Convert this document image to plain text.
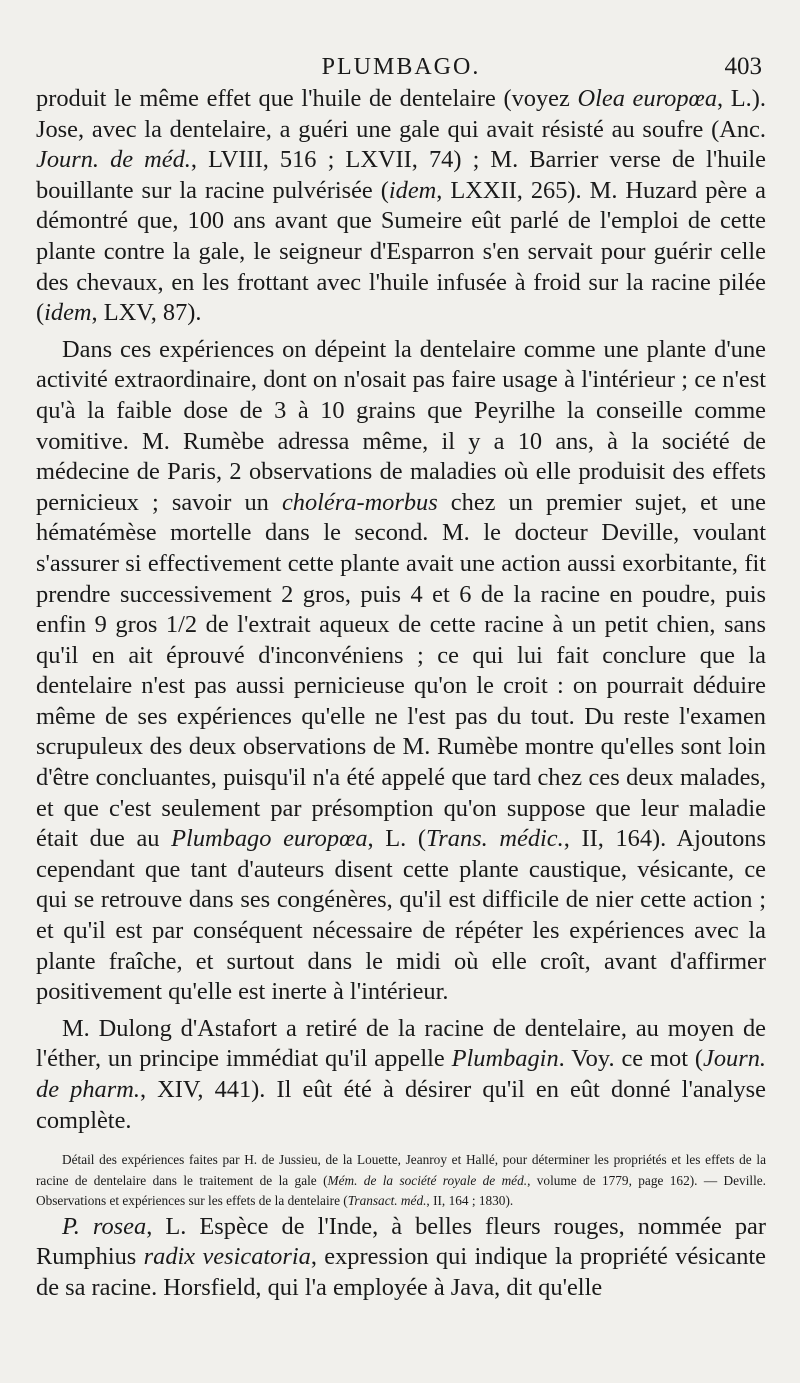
PLUMBAGO.	403

produit le même effet que l'huile de dentelaire (voyez Olea europœa, L.). Jose, avec la dentelaire, a guéri une gale qui avait résisté au soufre (Anc. Journ. de méd., LVIII, 516 ; LXVII, 74) ; M. Barrier verse de l'huile bouillante sur la racine pulvérisée (idem, LXXII, 265). M. Huzard père a démontré que, 100 ans avant que Sumeire eût parlé de l'emploi de cette plante contre la gale, le seigneur d'Esparron s'en servait pour guérir celle des chevaux, en les frottant avec l'huile infusée à froid sur la racine pilée (idem, LXV, 87).

Dans ces expériences on dépeint la dentelaire comme une plante d'une activité extraordinaire, dont on n'osait pas faire usage à l'intérieur ; ce n'est qu'à la faible dose de 3 à 10 grains que Peyrilhe la conseille comme vomitive. M. Rumèbe adressa même, il y a 10 ans, à la société de médecine de Paris, 2 observations de maladies où elle produisit des effets pernicieux ; savoir un choléra-morbus chez un premier sujet, et une hématémèse mortelle dans le second. M. le docteur Deville, voulant s'assurer si effectivement cette plante avait une action aussi exorbitante, fit prendre successivement 2 gros, puis 4 et 6 de la racine en poudre, puis enfin 9 gros 1/2 de l'extrait aqueux de cette racine à un petit chien, sans qu'il en ait éprouvé d'inconvéniens ; ce qui lui fait conclure que la dentelaire n'est pas aussi pernicieuse qu'on le croit : on pourrait déduire même de ses expériences qu'elle ne l'est pas du tout. Du reste l'examen scrupuleux des deux observations de M. Rumèbe montre qu'elles sont loin d'être concluantes, puisqu'il n'a été appelé que tard chez ces deux malades, et que c'est seulement par présomption qu'on suppose que leur maladie était due au Plumbago europœa, L. (Trans. médic., II, 164). Ajoutons cependant que tant d'auteurs disent cette plante caustique, vésicante, ce qui se retrouve dans ses congénères, qu'il est difficile de nier cette action ; et qu'il est par conséquent nécessaire de répéter les expériences avec la plante fraîche, et surtout dans le midi où elle croît, avant d'affirmer positivement qu'elle est inerte à l'intérieur.

M. Dulong d'Astafort a retiré de la racine de dentelaire, au moyen de l'éther, un principe immédiat qu'il appelle Plumbagin. Voy. ce mot (Journ. de pharm., XIV, 441). Il eût été à désirer qu'il en eût donné l'analyse complète.

Détail des expériences faites par H. de Jussieu, de la Louette, Jeanroy et Hallé, pour déterminer les propriétés et les effets de la racine de dentelaire dans le traitement de la gale (Mém. de la société royale de méd., volume de 1779, page 162). — Deville. Observations et expériences sur les effets de la dentelaire (Transact. méd., II, 164 ; 1830).

P. rosea, L. Espèce de l'Inde, à belles fleurs rouges, nommée par Rumphius radix vesicatoria, expression qui indique la propriété vésicante de sa racine. Horsfield, qui l'a employée à Java, dit qu'elle
